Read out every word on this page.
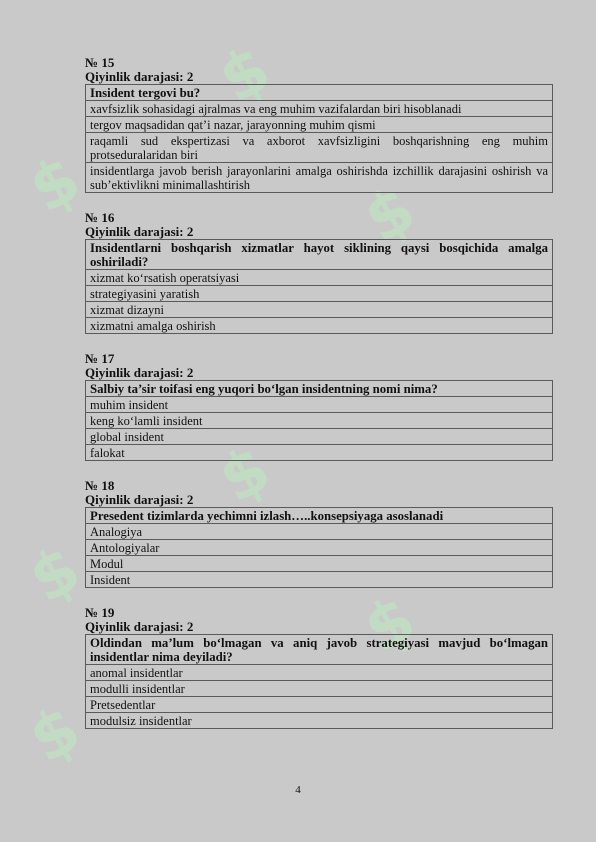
$
$
$
$
$
$
$
№ 15
Qiyinlik darajasi: 2
Insident tergovi bu?
xavfsizlik sohasidagi ajralmas va eng muhim vazifalardan biri hisoblanadi
tergov maqsadidan qat’i nazar, jarayonning muhim qismi
raqamli sud ekspertizasi va axborot xavfsizligini boshqarishning eng muhim protseduralaridan biri
insidentlarga javob berish jarayonlarini amalga oshirishda izchillik darajasini oshirish va sub’ektivlikni minimallashtirish
№ 16
Qiyinlik darajasi: 2
Insidentlarni boshqarish xizmatlar hayot siklining qaysi bosqichida amalga oshiriladi?
xizmat ko‘rsatish operatsiyasi
strategiyasini yaratish
xizmat dizayni
xizmatni amalga oshirish
№ 17
Qiyinlik darajasi: 2
Salbiy ta’sir toifasi eng yuqori bo‘lgan insidentning nomi nima?
muhim insident
keng ko‘lamli insident
global insident
falokat
№ 18
Qiyinlik darajasi: 2
Presedent tizimlarda yechimni izlash…..konsepsiyaga asoslanadi
Analogiya
Antologiyalar
Modul
Insident
№ 19
Qiyinlik darajasi: 2
Oldindan ma’lum bo‘lmagan va aniq javob strategiyasi mavjud bo‘lmagan insidentlar nima deyiladi?
anomal insidentlar
modulli insidentlar
Pretsedentlar
modulsiz insidentlar
4
